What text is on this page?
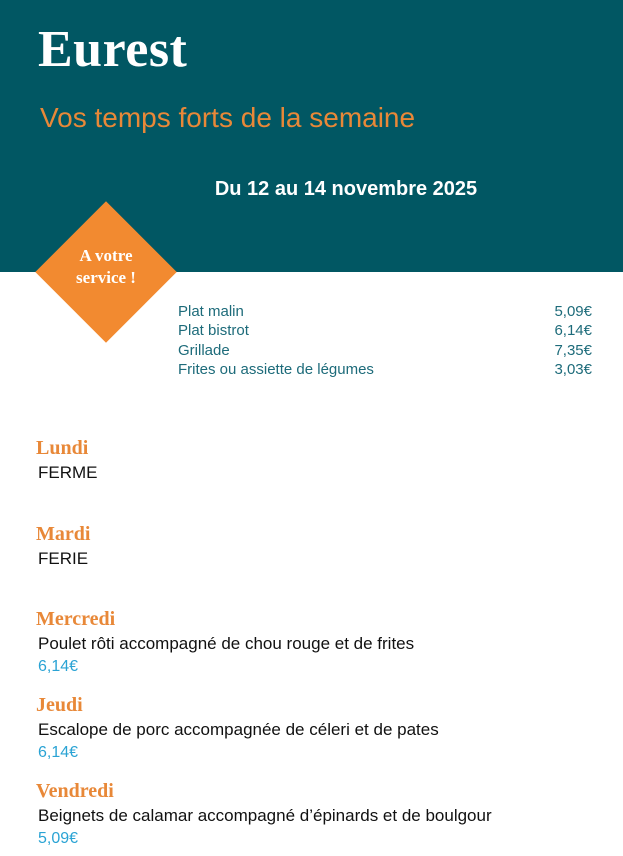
Eurest
Vos temps forts de la semaine
Du 12 au 14 novembre 2025
A votre
service !
Plat malin	5,09€
Plat bistrot	6,14€
Grillade	7,35€
Frites ou assiette de légumes	3,03€
Lundi
FERME
Mardi
FERIE
Mercredi
Poulet rôti accompagné de chou rouge et de frites
6,14€
Jeudi
Escalope de porc accompagnée de céleri et de pates
6,14€
Vendredi
Beignets de calamar accompagné d’épinards et de boulgour
5,09€
